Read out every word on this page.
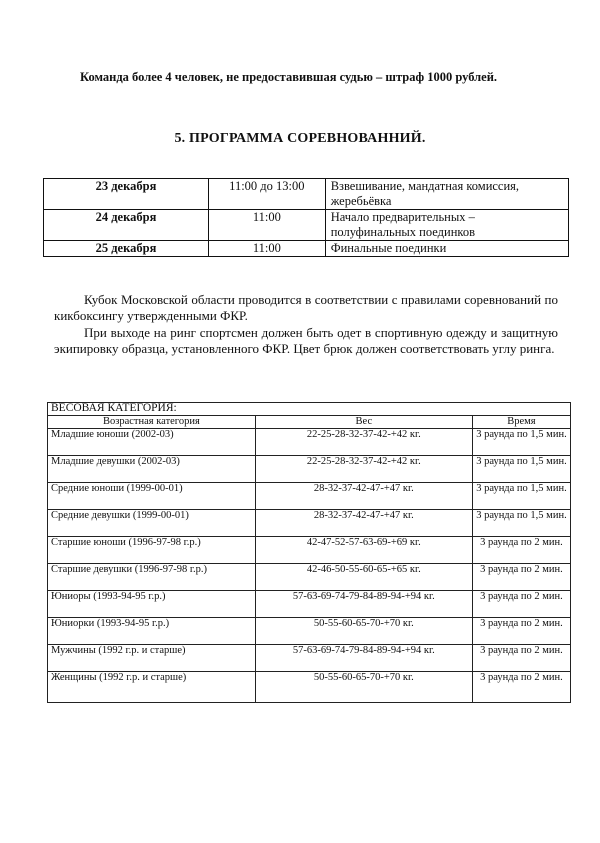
Команда более 4 человек, не предоставившая судью – штраф 1000 рублей.
5. ПРОГРАММА СОРЕВНОВАННИЙ.
23 декабря	11:00 до 13:00	Взвешивание, мандатная комиссия, жеребьёвка
24 декабря	11:00	Начало предварительных – полуфинальных поединков
25 декабря	11:00	Финальные поединки
Кубок Московской области проводится в соответствии с правилами соревнований по кикбоксингу утвержденными ФКР.
При выходе на ринг спортсмен должен быть одет в спортивную одежду и защитную экипировку образца, установленного ФКР. Цвет брюк должен соответствовать углу ринга.
ВЕСОВАЯ КАТЕГОРИЯ:		
Возрастная категория	Вес	Время
Младшие юноши (2002-03)	22-25-28-32-37-42-+42 кг.	3 раунда по 1,5 мин.
Младшие девушки (2002-03)	22-25-28-32-37-42-+42 кг.	3 раунда по 1,5 мин.
Средние юноши (1999-00-01)	28-32-37-42-47-+47 кг.	3 раунда по 1,5 мин.
Средние девушки (1999-00-01)	28-32-37-42-47-+47 кг.	3 раунда по 1,5 мин.
Старшие юноши (1996-97-98 г.р.)	42-47-52-57-63-69-+69 кг.	3 раунда по 2 мин.
Старшие девушки (1996-97-98 г.р.)	42-46-50-55-60-65-+65 кг.	3 раунда по 2 мин.
Юниоры (1993-94-95 г.р.)	57-63-69-74-79-84-89-94-+94 кг.	3 раунда по 2 мин.
Юниорки (1993-94-95 г.р.)	50-55-60-65-70-+70 кг.	3 раунда по 2 мин.
Мужчины (1992 г.р. и старше)	57-63-69-74-79-84-89-94-+94 кг.	3 раунда по 2 мин.
Женщины (1992 г.р. и старше)	50-55-60-65-70-+70 кг.	3 раунда по 2 мин.
